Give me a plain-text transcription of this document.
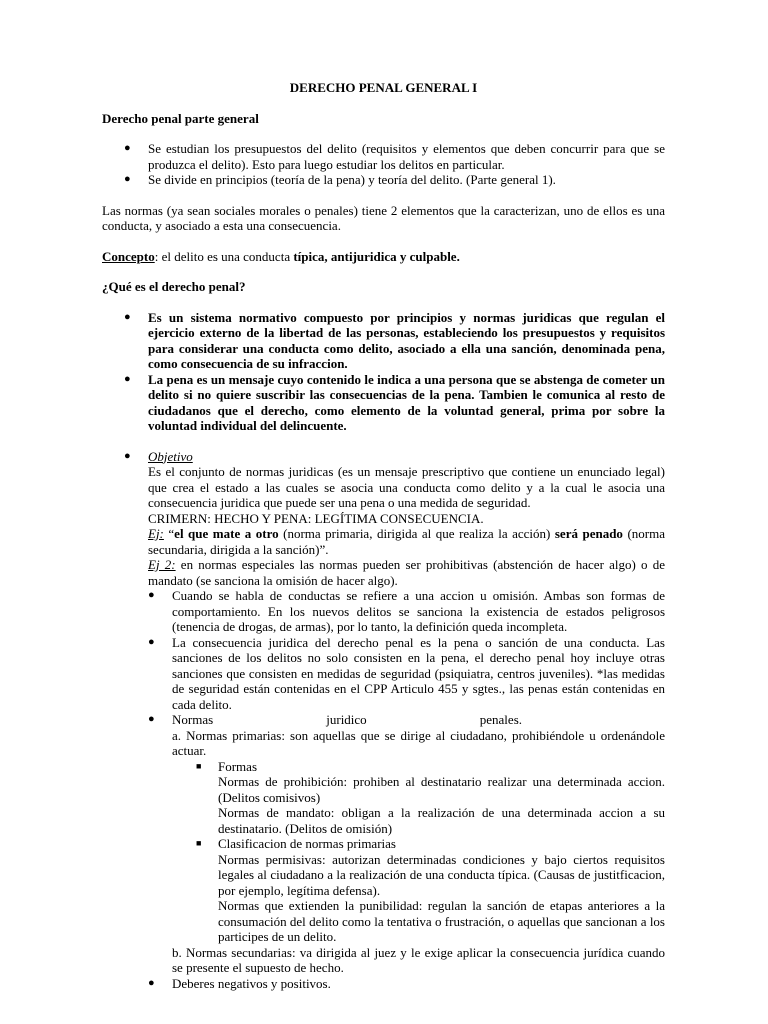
DERECHO PENAL GENERAL I
Derecho penal parte general
● Se estudian los presupuestos del delito (requisitos y elementos que deben concurrir para que se produzca el delito). Esto para luego estudiar los delitos en particular.
● Se divide en principios (teoría de la pena) y teoría del delito. (Parte general 1).
Las normas (ya sean sociales morales o penales) tiene 2 elementos que la caracterizan, uno de ellos es una conducta, y asociado a esta una consecuencia.
Concepto: el delito es una conducta típica, antijuridica y culpable.
¿Qué es el derecho penal?
● Es un sistema normativo compuesto por principios y normas juridicas que regulan el ejercicio externo de la libertad de las personas, estableciendo los presupuestos y requisitos para considerar una conducta como delito, asociado a ella una sanción, denominada pena, como consecuencia de su infraccion.
● La pena es un mensaje cuyo contenido le indica a una persona que se abstenga de cometer un delito si no quiere suscribir las consecuencias de la pena. Tambien le comunica al resto de ciudadanos que el derecho, como elemento de la voluntad general, prima por sobre la voluntad individual del delincuente.
● Objetivo
Es el conjunto de normas juridicas (es un mensaje prescriptivo que contiene un enunciado legal) que crea el estado a las cuales se asocia una conducta como delito y a la cual le asocia una consecuencia juridica que puede ser una pena o una medida de seguridad.
CRIMERN: HECHO Y PENA: LEGÍTIMA CONSECUENCIA.
Ej: “el que mate a otro (norma primaria, dirigida al que realiza la acción) será penado (norma secundaria, dirigida a la sanción)”.
Ej 2: en normas especiales las normas pueden ser prohibitivas (abstención de hacer algo) o de mandato (se sanciona la omisión de hacer algo).
● Cuando se habla de conductas se refiere a una accion u omisión. Ambas son formas de comportamiento. En los nuevos delitos se sanciona la existencia de estados peligrosos (tenencia de drogas, de armas), por lo tanto, la definición queda incompleta.
● La consecuencia juridica del derecho penal es la pena o sanción de una conducta. Las sanciones de los delitos no solo consisten en la pena, el derecho penal hoy incluye otras sanciones que consisten en medidas de seguridad (psiquiatra, centros juveniles). *las medidas de seguridad están contenidas en el CPP Articulo 455 y sgtes., las penas están contenidas en cada delito.
● Normas	juridico	penales.
a. Normas primarias: son aquellas que se dirige al ciudadano, prohibiéndole u ordenándole actuar.
■	Formas
Normas de prohibición: prohiben al destinatario realizar una determinada accion. (Delitos comisivos)
Normas de mandato: obligan a la realización de una determinada accion a su destinatario. (Delitos de omisión)
■	Clasificacion de normas primarias
Normas permisivas: autorizan determinadas condiciones y bajo ciertos requisitos legales al ciudadano a la realización de una conducta típica. (Causas de justitficacion, por ejemplo, legítima defensa).
Normas que extienden la punibilidad: regulan la sanción de etapas anteriores a la consumación del delito como la tentativa o frustración, o aquellas que sancionan a los participes de un delito.
b. Normas secundarias: va dirigida al juez y le exige aplicar la consecuencia jurídica cuando se presente el supuesto de hecho.
● Deberes negativos y positivos.
